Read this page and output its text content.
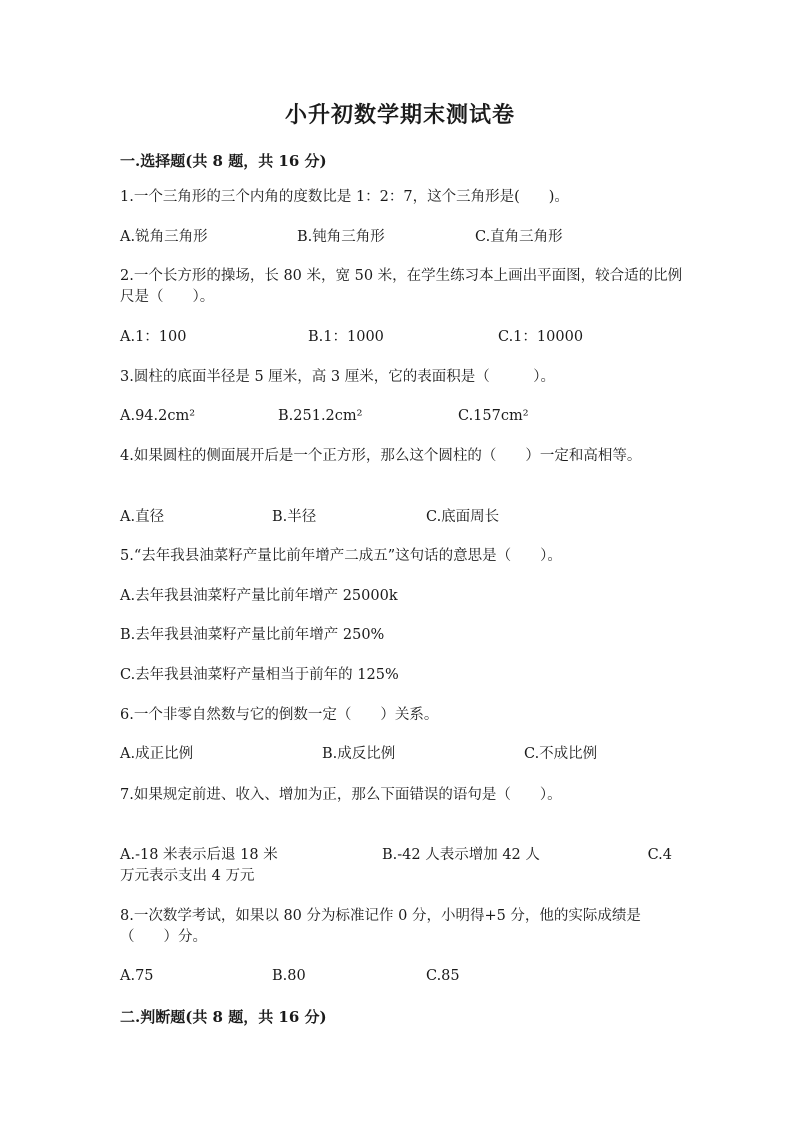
小升初数学期末测试卷
一.选择题(共 8 题，共 16 分)
1.一个三角形的三个内角的度数比是 1：2：7，这个三角形是(　　)。
A.锐角三角形	B.钝角三角形	C.直角三角形
2.一个长方形的操场，长 80 米，宽 50 米，在学生练习本上画出平面图，较合适的比例尺是（　　）。
A.1：100	B.1：1000	C.1：10000
3.圆柱的底面半径是 5 厘米，高 3 厘米，它的表面积是（　　　）。
A.94.2cm²	B.251.2cm²	C.157cm²
4.如果圆柱的侧面展开后是一个正方形，那么这个圆柱的（　　）一定和高相等。
A.直径	B.半径	C.底面周长
5.“去年我县油菜籽产量比前年增产二成五”这句话的意思是（　　）。
A.去年我县油菜籽产量比前年增产 25000k
B.去年我县油菜籽产量比前年增产 250%
C.去年我县油菜籽产量相当于前年的 125%
6.一个非零自然数与它的倒数一定（　　）关系。
A.成正比例	B.成反比例	C.不成比例
7.如果规定前进、收入、增加为正，那么下面错误的语句是（　　）。
A.-18 米表示后退 18 米	B.-42 人表示增加 42 人	C.4
万元表示支出 4 万元
8.一次数学考试，如果以 80 分为标准记作 0 分，小明得+5 分，他的实际成绩是（　　）分。
A.75	B.80	C.85
二.判断题(共 8 题，共 16 分)
